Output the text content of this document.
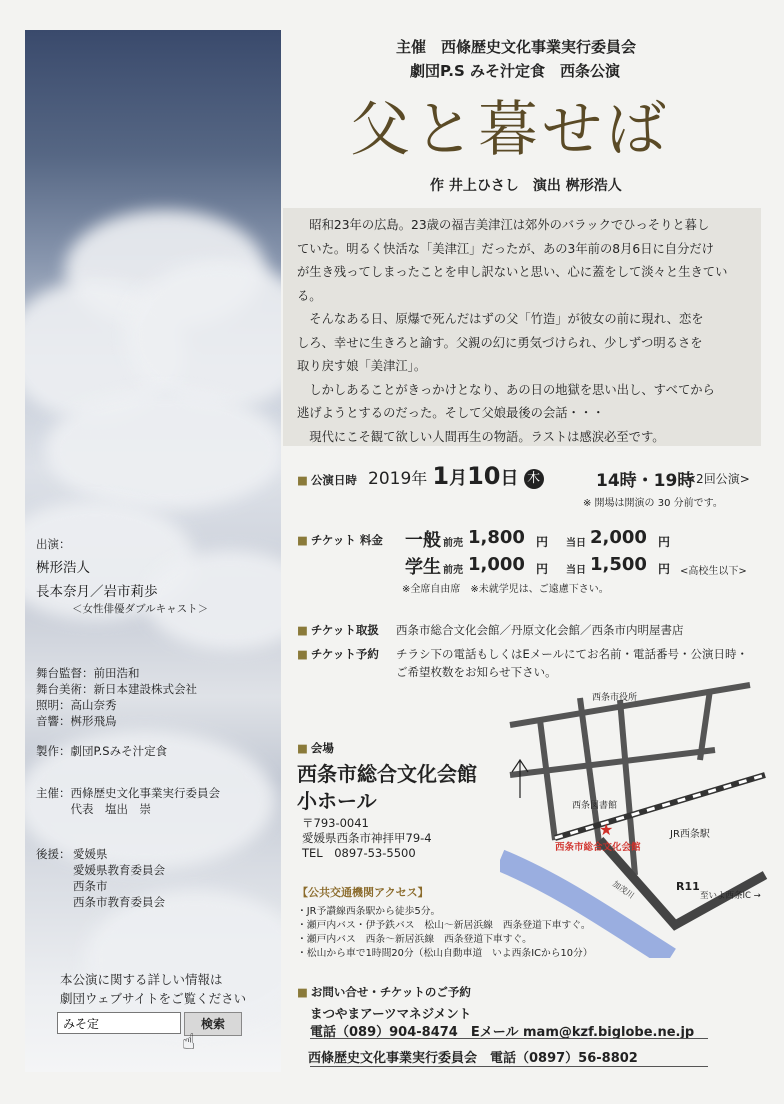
出演：
桝形浩人
長本奈月／岩市莉歩
＜女性俳優ダブルキャスト＞
舞台監督：前田浩和
舞台美術：新日本建設株式会社
照明：高山奈秀
音響：桝形飛鳥
製作：劇団P.Sみそ汁定食
主催：西條歴史文化事業実行委員会
　　　代表　塩出　崇
後援： 愛媛県
愛媛県教育委員会
西条市
西条市教育委員会
本公演に関する詳しい情報は
劇団ウェブサイトをご覧ください
みそ定
検索
☝
主催　西條歴史文化事業実行委員会
劇団P.S みそ汁定食　西条公演
父と暮せば
作 井上ひさし　演出 桝形浩人

　昭和23年の広島。23歳の福吉美津江は郊外のバラックでひっそりと暮し

ていた。明るく快活な「美津江」だったが、あの3年前の8月6日に自分だけ

が生き残ってしまったことを申し訳ないと思い、心に蓋をして淡々と生きている。

　そんなある日、原爆で死んだはずの父「竹造」が彼女の前に現れ、恋を

しろ、幸せに生きろと諭す。父親の幻に勇気づけられ、少しずつ明るさを

取り戻す娘「美津江」。

　しかしあることがきっかけとなり、あの日の地獄を思い出し、すべてから

逃げようとするのだった。そして父娘最後の会話・・・

　現代にこそ観て欲しい人間再生の物語。ラストは感涙必至です。

■ 公演日時 2019年 1月10日 木	14時・19時
<2回公演>
※ 開場は開演の 30 分前です。
■ チケット 料金 一般 前売 1,800 円 当日 2,000 円
学生 前売 1,000 円 当日 1,500 円 <高校生以下>
※全席自由席　※未就学児は、ご遠慮下さい。
■ チケット取扱 西条市総合文化会館／丹原文化会館／西条市内明屋書店
■ チケット予約 チラシ下の電話もしくはEメールにてお名前・電話番号・公演日時・
ご希望枚数をお知らせ下さい。
■ 会場
西条市総合文化会館
小ホール
〒793-0041
愛媛県西条市神拝甲79-4
TEL　0897-53-5500
【公共交通機関アクセス】
・JR予讃線西条駅から徒歩5分。
・瀬戸内バス・伊予鉄バス　松山～新居浜線　西条登道下車すぐ。
・瀬戸内バス　西条～新居浜線　西条登道下車すぐ。
・松山から車で1時間20分（松山自動車道　いよ西条ICから10分）
■ お問い合せ・チケットのご予約
まつやまアーツマネジメント
電話（089）904-8474　Eメール mam@kzf.biglobe.ne.jp
西條歴史文化事業実行委員会　電話（0897）56-8802
★
西条市役所
西条図書館
西条市総合文化会館
JR西条駅
R11
至いよ西条IC →
加茂川
